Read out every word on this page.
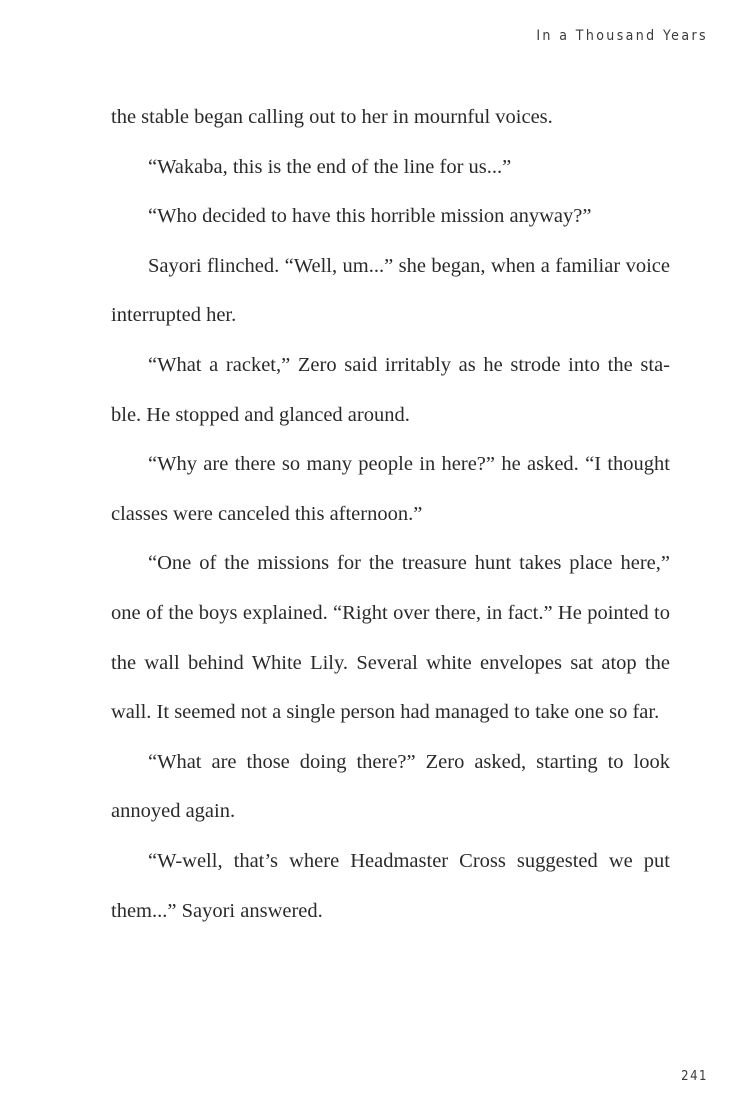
In a Thousand Years

the stable began calling out to her in mournful voices.

“Wakaba, this is the end of the line for us...”

“Who decided to have this horrible mission anyway?”

Sayori flinched. “Well, um...” she began, when a familiar voice interrupted her.

“What a racket,” Zero said irritably as he strode into the sta-ble. He stopped and glanced around.

“Why are there so many people in here?” he asked. “I thought classes were canceled this afternoon.”

“One of the missions for the treasure hunt takes place here,” one of the boys explained. “Right over there, in fact.” He pointed to the wall behind White Lily. Several white envelopes sat atop the wall. It seemed not a single person had managed to take one so far.

“What are those doing there?” Zero asked, starting to look annoyed again.

“W-well, that’s where Headmaster Cross suggested we put them...” Sayori answered.

241
